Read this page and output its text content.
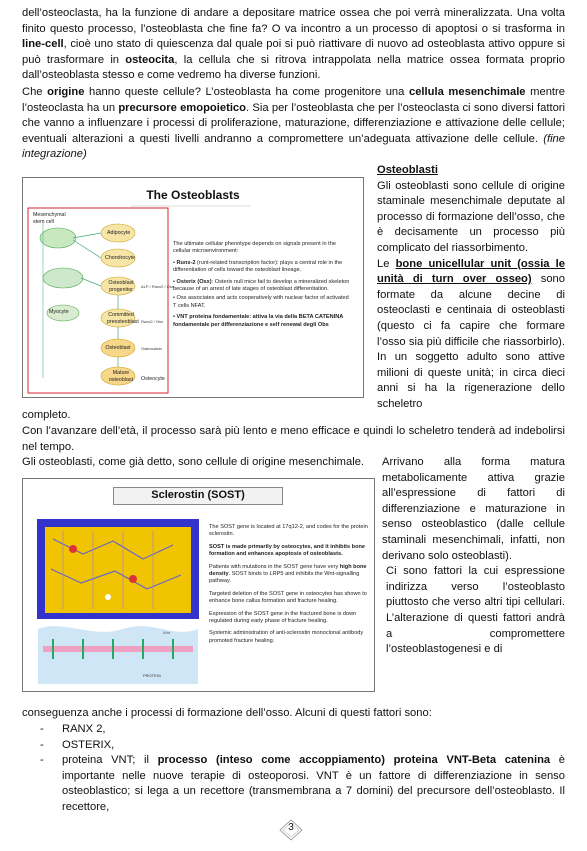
dell’osteoclasta, ha la funzione di andare a depositare matrice ossea che poi verrà mineralizzata. Una volta finito questo processo, l’osteoblasta che fine fa? O va incontro a un processo di apoptosi o si trasforma in line-cell, cioè uno stato di quiescenza dal quale poi si può riattivare di nuovo ad osteoblasta attivo oppure si può trasformare in osteocita, la cellula che si ritrova intrappolata nella matrice ossea formata proprio dall’osteoblasta stesso e come vedremo ha diverse funzioni.
Che origine hanno queste cellule? L’osteoblasta ha come progenitore una cellula mesenchimale mentre l’osteoclasta ha un precursore emopoietico. Sia per l’osteoblasta che per l’osteoclasta ci sono diversi fattori che vanno a influenzare i processi di proliferazione, maturazione, differenziazione e attivazione delle cellule; eventuali alterazioni a questi livelli andranno a compromettere un’adeguata attivazione delle cellule. (fine integrazione)
The Osteoblasts
ALP / Runx2 / Osx
Runx2 / Osx
Osteocalcin
Mesenchymal stem cell
Adipocyte
Chondrocyte
Osteoblast progenitor
Myocyte	Committed preosteoblast
Osteoblast
Mature osteoblast	Osteocyte
The ultimate cellular phenotype depends on signals present in the cellular microenvironment:
• Runx-2 (runt-related transcription factor): plays a central role in the differentiation of cells toward the osteoblast lineage.
• Osterix (Osx): Osterix null mice fail to develop a mineralized skeleton because of an arrest of late stages of osteoblast differentiation.
• Osx associates and acts cooperatively with nuclear factor of activated T cells NFAT.
• VNT proteina fondamentale: attiva la via della BETA CATENINA fondamentale per differenziazione e self renewal degli Obs
Osteoblasti
Gli osteoblasti sono cellule di origine staminale mesenchimale deputate al processo di formazione dell’osso, che è decisamente un processo più complicato del riassorbimento.
Le bone unicellular unit (ossia le unità di turn over osseo) sono formate da alcune decine di osteoclasti e centinaia di osteoblasti (questo ci fa capire che formare l’osso sia più difficile che riassorbirlo). In un soggetto adulto sono attive milioni di queste unità; in circa dieci anni si ha la rigenerazione dello scheletro
completo.
Con l’avanzare dell’età, il processo sarà più lento e meno efficace e quindi lo scheletro tenderà ad indebolirsi nel tempo.
Gli osteoblasti, come già detto, sono cellule di origine mesenchimale.	Arrivano alla forma matura metabolicamente attiva grazie all’espressione di fattori di differenziazione e maturazione in senso osteoblastico (dalle cellule staminali mesenchimali, infatti, non derivano solo osteoblasti).
Ci sono fattori la cui espressione indirizza verso l’osteoblasto piuttosto che verso altri tipi cellulari. L’alterazione di questi fattori andrà a compromettere l’osteoblastogenesi e di
Sclerostin (SOST)
PROTEIN
Wnt
The SOST gene is located at 17q12-2, and codes for the protein sclerostin.
SOST is made primarily by osteocytes, and it inhibits bone formation and enhances apoptosis of osteoblasts.
Patients with mutations in the SOST gene have very high bone density. SOST binds to LRP5 and inhibits the Wnt-signalling pathway.
Targeted deletion of the SOST gene in osteocytes has shown to enhance bone callus formation and fracture healing.
Expression of the SOST gene in the fractured bone is down regulated during early phase of fracture healing.
Systemic administration of anti-sclerostin monoclonal antibody promoted fracture healing.
conseguenza anche i processi di formazione dell’osso. Alcuni di questi fattori sono:
- RANX 2,
- OSTERIX,
- proteina VNT; il processo (inteso come accoppiamento) proteina VNT-Beta catenina è importante nelle nuove terapie di osteoporosi. VNT è un fattore di differenziazione in senso osteoblastico; si lega a un recettore (transmembrana a 7 domini) del precursore dell’osteoblasto. Il recettore,
3
